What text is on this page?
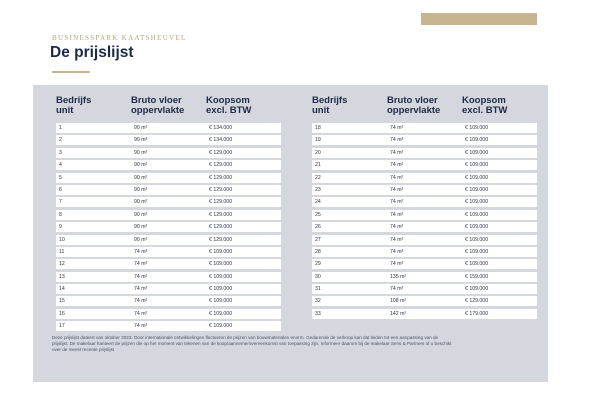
BUSINESSPARK KAATSHEUVEL
De prijslijst
Bedrijfs
unit
Bruto vloer
oppervlakte
Koopsom
excl. BTW
1	90 m²	€ 134.000
2	90 m²	€ 134.000
3	90 m²	€ 129.000
4	90 m²	€ 129.000
5	90 m²	€ 129.000
6	90 m²	€ 129.000
7	90 m²	€ 129.000
8	90 m²	€ 129.000
9	90 m²	€ 129.000
10	90 m²	€ 129.000
11	74 m²	€ 109.000
12	74 m²	€ 109.000
13	74 m²	€ 109.000
14	74 m²	€ 109.000
15	74 m²	€ 109.000
16	74 m²	€ 109.000
17	74 m²	€ 109.000
Bedrijfs
unit
Bruto vloer
oppervlakte
Koopsom
excl. BTW
18	74 m²	€ 109.000
19	74 m²	€ 109.000
20	74 m²	€ 109.000
21	74 m²	€ 109.000
22	74 m²	€ 109.000
23	74 m²	€ 109.000
24	74 m²	€ 109.000
25	74 m²	€ 109.000
26	74 m²	€ 109.000
27	74 m²	€ 109.000
28	74 m²	€ 109.000
29	74 m²	€ 109.000
30	135 m²	€ 159.000
31	74 m²	€ 109.000
32	108 m²	€ 129.000
33	142 m²	€ 179.000

Deze prijslijst dateert van oktober 2023. Door internationale ontwikkelingen fluctueren de prijzen van bouwmaterialen enorm. Gedurende de verkoop kan dat leiden tot een aanpassing van de prijslijst. De makelaar hanteert de prijzen die op het moment van tekenen van de koop/aannemerovereenkomst van toepassing zijn. Informeer daarom bij de makelaar Sens & Partners of u beschikt over de meest recente prijslijst
